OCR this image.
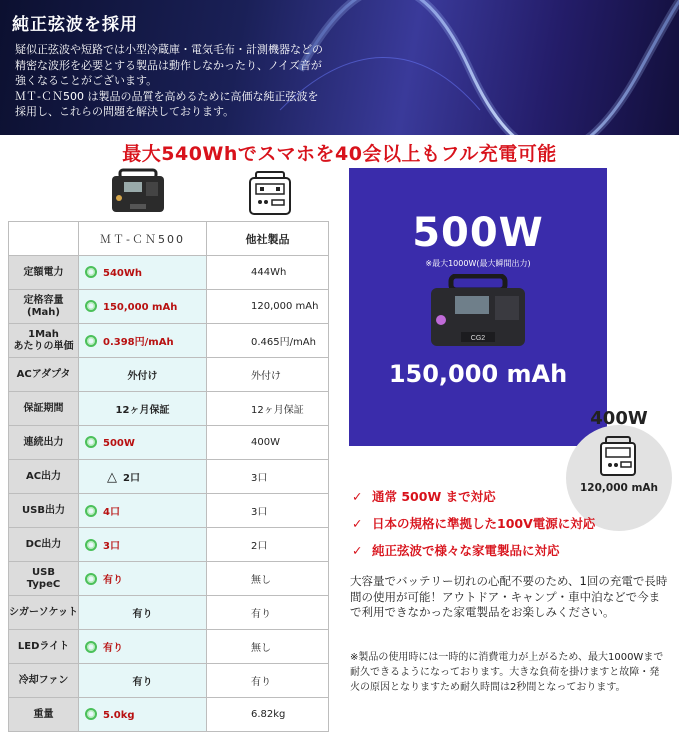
純正弦波を採用
疑似正弦波や短路では小型冷蔵庫・電気毛布・計測機器などの
精密な波形を必要とする製品は動作しなかったり、ノイズ音が
強くなることがございます。
ＭＴ-ＣＮ500 は製品の品質を高めるために高価な純正弦波を
採用し、これらの問題を解決しております。
最大540Whでスマホを40会以上もフル充電可能
	ＭＴ-ＣＮ500	他社製品
定額電力	540Wh	444Wh
定格容量
(Mah)	150,000 mAh	120,000 mAh
1Mah
あたりの単価	0.398円/mAh	0.465円/mAh
ACアダプタ	外付け	外付け
保証期間	12ヶ月保証	12ヶ月保証
連続出力	500W	400W
AC出力	△ 2口	3口
USB出力	4口	3口
DC出力	3口	2口
USB
TypeC	有り	無し
シガーソケット	有り	有り
LEDライト	有り	無し
冷却ファン	有り	有り
重量	5.0kg	6.82kg
500W
※最大1000W(最大瞬間出力)
CG2
150,000 mAh
400W
120,000 mAh
✓ 通常 500W まで対応
✓ 日本の規格に準拠した100V電源に対応
✓ 純正弦波で様々な家電製品に対応
大容量でバッテリー切れの心配不要のため、1回の充電で長時間の使用が可能！アウトドア・キャンプ・車中泊などで今まで利用できなかった家電製品をお楽しみください。
※製品の使用時には一時的に消費電力が上がるため、最大1000Wまで耐久できるようになっております。大きな負荷を掛けますと故障・発火の原因となりますため耐久時間は2秒間となっております。
